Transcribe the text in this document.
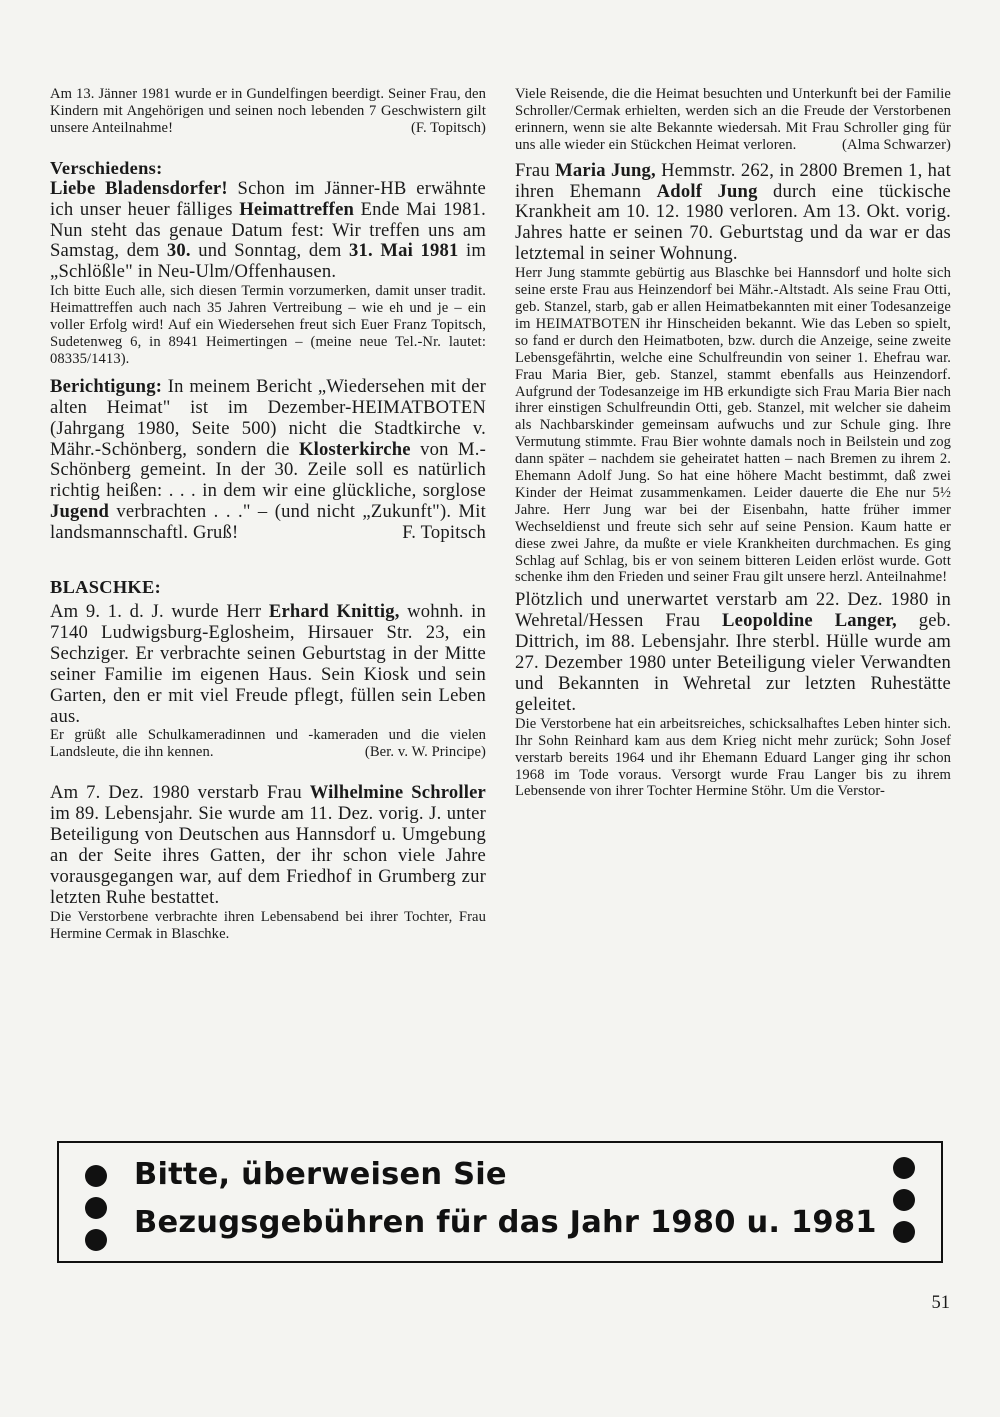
Am 13. Jänner 1981 wurde er in Gundelfingen beerdigt. Seiner Frau, den Kindern mit Angehörigen und seinen noch lebenden 7 Geschwistern gilt unsere Anteilnahme!	(F. Topitsch)

Verschiedens:

Liebe Bladensdorfer! Schon im Jänner-HB erwähnte ich unser heuer fälliges Heimattreffen Ende Mai 1981. Nun steht das genaue Datum fest: Wir treffen uns am Samstag, dem 30. und Sonntag, dem 31. Mai 1981 im „Schlößle" in Neu-Ulm/Offenhausen.

Ich bitte Euch alle, sich diesen Termin vorzumerken, damit unser tradit. Heimattreffen auch nach 35 Jahren Vertreibung – wie eh und je – ein voller Erfolg wird! Auf ein Wiedersehen freut sich Euer Franz Topitsch, Sudetenweg 6, in 8941 Heimertingen – (meine neue Tel.-Nr. lautet: 08335/1413).

Berichtigung: In meinem Bericht „Wiedersehen mit der alten Heimat" ist im Dezember-HEIMATBOTEN (Jahrgang 1980, Seite 500) nicht die Stadtkirche v. Mähr.-Schönberg, sondern die Klosterkirche von M.-Schönberg gemeint. In der 30. Zeile soll es natürlich richtig heißen: . . . in dem wir eine glückliche, sorglose Jugend verbrachten . . ." – (und nicht „Zukunft"). Mit landsmannschaftl. Gruß!	F. Topitsch

BLASCHKE:

Am 9. 1. d. J. wurde Herr Erhard Knittig, wohnh. in 7140 Ludwigsburg-Eglosheim, Hirsauer Str. 23, ein Sechziger. Er verbrachte seinen Geburtstag in der Mitte seiner Familie im eigenen Haus. Sein Kiosk und sein Garten, den er mit viel Freude pflegt, füllen sein Leben aus.

Er grüßt alle Schulkameradinnen und -kameraden und die vielen Landsleute, die ihn kennen.	(Ber. v. W. Principe)

Am 7. Dez. 1980 verstarb Frau Wilhelmine Schroller im 89. Lebensjahr. Sie wurde am 11. Dez. vorig. J. unter Beteiligung von Deutschen aus Hannsdorf u. Umgebung an der Seite ihres Gatten, der ihr schon viele Jahre vorausgegangen war, auf dem Friedhof in Grumberg zur letzten Ruhe bestattet.

Die Verstorbene verbrachte ihren Lebensabend bei ihrer Tochter, Frau Hermine Cermak in Blaschke.

Viele Reisende, die die Heimat besuchten und Unterkunft bei der Familie Schroller/Cermak erhielten, werden sich an die Freude der Verstorbenen erinnern, wenn sie alte Bekannte wiedersah. Mit Frau Schroller ging für uns alle wieder ein Stückchen Heimat verloren.	(Alma Schwarzer)

Frau Maria Jung, Hemmstr. 262, in 2800 Bremen 1, hat ihren Ehemann Adolf Jung durch eine tückische Krankheit am 10. 12. 1980 verloren. Am 13. Okt. vorig. Jahres hatte er seinen 70. Geburtstag und da war er das letztemal in seiner Wohnung.

Herr Jung stammte gebürtig aus Blaschke bei Hannsdorf und holte sich seine erste Frau aus Heinzendorf bei Mähr.-Altstadt. Als seine Frau Otti, geb. Stanzel, starb, gab er allen Heimatbekannten mit einer Todesanzeige im HEIMATBOTEN ihr Hinscheiden bekannt. Wie das Leben so spielt, so fand er durch den Heimatboten, bzw. durch die Anzeige, seine zweite Lebensgefährtin, welche eine Schulfreundin von seiner 1. Ehefrau war. Frau Maria Bier, geb. Stanzel, stammt ebenfalls aus Heinzendorf. Aufgrund der Todesanzeige im HB erkundigte sich Frau Maria Bier nach ihrer einstigen Schulfreundin Otti, geb. Stanzel, mit welcher sie daheim als Nachbarskinder gemeinsam aufwuchs und zur Schule ging. Ihre Vermutung stimmte. Frau Bier wohnte damals noch in Beilstein und zog dann später – nachdem sie geheiratet hatten – nach Bremen zu ihrem 2. Ehemann Adolf Jung. So hat eine höhere Macht bestimmt, daß zwei Kinder der Heimat zusammenkamen. Leider dauerte die Ehe nur 5½ Jahre. Herr Jung war bei der Eisenbahn, hatte früher immer Wechseldienst und freute sich sehr auf seine Pension. Kaum hatte er diese zwei Jahre, da mußte er viele Krankheiten durchmachen. Es ging Schlag auf Schlag, bis er von seinem bitteren Leiden erlöst wurde. Gott schenke ihm den Frieden und seiner Frau gilt unsere herzl. Anteilnahme!

Plötzlich und unerwartet verstarb am 22. Dez. 1980 in Wehretal/Hessen Frau Leopoldine Langer, geb. Dittrich, im 88. Lebensjahr. Ihre sterbl. Hülle wurde am 27. Dezember 1980 unter Beteiligung vieler Verwandten und Bekannten in Wehretal zur letzten Ruhestätte geleitet.

Die Verstorbene hat ein arbeitsreiches, schicksalhaftes Leben hinter sich. Ihr Sohn Reinhard kam aus dem Krieg nicht mehr zurück; Sohn Josef verstarb bereits 1964 und ihr Ehemann Eduard Langer ging ihr schon 1968 im Tode voraus. Versorgt wurde Frau Langer bis zu ihrem Lebensende von ihrer Tochter Hermine Stöhr. Um die Verstor-

Bitte, überweisen Sie
Bezugsgebühren für das Jahr 1980 u. 1981
51
